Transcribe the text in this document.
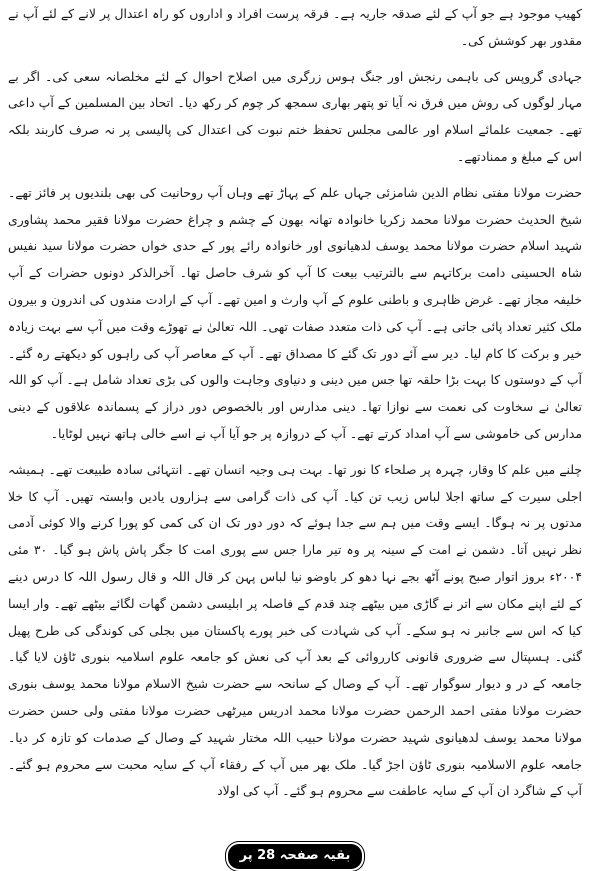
کھیپ موجود ہے جو آپ کے لئے صدقہ جاریہ ہے۔ فرقہ پرست افراد و اداروں کو راہ اعتدال پر لانے کے لئے آپ نے مقدور بھر کوشش کی۔

جہادی گروپس کی باہمی رنجش اور جنگ ہوس زرگری میں اصلاح احوال کے لئے مخلصانہ سعی کی۔ اگر بے مہار لوگوں کی روش میں فرق نہ آیا تو پتھر بھاری سمجھ کر چوم کر رکھ دیا۔ اتحاد بین المسلمین کے آپ داعی تھے۔ جمعیت علمائے اسلام اور عالمی مجلس تحفظ ختم نبوت کی اعتدال کی پالیسی پر نہ صرف کاربند بلکہ اس کے مبلغ و ممنادتھے۔

حضرت مولانا مفتی نظام الدین شامزئی جہاں علم کے پہاڑ تھے وہاں آپ روحانیت کی بھی بلندیوں پر فائز تھے۔ شیخ الحدیث حضرت مولانا محمد زکریا خانوادہ تھانہ بھون کے چشم و چراغ حضرت مولانا فقیر محمد پشاوری شہید اسلام حضرت مولانا محمد یوسف لدھیانوی اور خانوادہ رائے پور کے حدی خواں حضرت مولانا سید نفیس شاہ الحسینی دامت برکاتہم سے بالترتیب بیعت کا آپ کو شرف حاصل تھا۔ آخرالذکر دونوں حضرات کے آپ خلیفہ مجاز تھے۔ غرض ظاہری و باطنی علوم کے آپ وارث و امین تھے۔ آپ کے ارادت مندوں کی اندرون و بیرون ملک کثیر تعداد پائی جاتی ہے۔ آپ کی ذات متعدد صفات تھی۔ اللہ تعالیٰ نے تھوڑے وقت میں آپ سے بہت زیادہ خیر و برکت کا کام لیا۔ دیر سے آئے دور تک گئے کا مصداق تھے۔ آپ کے معاصر آپ کی راہوں کو دیکھتے رہ گئے۔ آپ کے دوستوں کا بہت بڑا حلقہ تھا جس میں دینی و دنیاوی وجاہت والوں کی بڑی تعداد شامل ہے۔ آپ کو اللہ تعالیٰ نے سخاوت کی نعمت سے نوازا تھا۔ دینی مدارس اور بالخصوص دور دراز کے پسماندہ علاقوں کے دینی مدارس کی خاموشی سے آپ امداد کرتے تھے۔ آپ کے دروازہ پر جو آیا آپ نے اسے خالی ہاتھ نہیں لوٹایا۔

چلنے میں علم کا وقار، چہرہ پر صلحاء کا نور تھا۔ بہت ہی وجیہ انسان تھے۔ انتہائی سادہ طبیعت تھے۔ ہمیشہ اجلی سیرت کے ساتھ اجلا لباس زیب تن کیا۔ آپ کی ذات گرامی سے ہزاروں یادیں وابستہ تھیں۔ آپ کا خلا مدتوں پر نہ ہوگا۔ ایسے وقت میں ہم سے جدا ہوئے کہ دور دور تک ان کی کمی کو پورا کرنے والا کوئی آدمی نظر نہیں آتا۔ دشمن نے امت کے سینہ پر وہ تیر مارا جس سے پوری امت کا جگر پاش پاش ہو گیا۔ ۳۰ مئی ۲۰۰۴ء بروز اتوار صبح پونے آٹھ بجے نہا دھو کر باوضو نیا لباس پہن کر قال اللہ و قال رسول اللہ کا درس دینے کے لئے اپنے مکان سے اتر نے گاڑی میں بیٹھے چند قدم کے فاصلہ پر ابلیسی دشمن گھات لگائے بیٹھے تھے۔ وار ایسا کیا کہ اس سے جانبر نہ ہو سکے۔ آپ کی شہادت کی خبر پورے پاکستان میں بجلی کی کوندگی کی طرح پھیل گئی۔ ہسپتال سے ضروری قانونی کارروائی کے بعد آپ کی نعش کو جامعہ علوم اسلامیہ بنوری ٹاؤن لایا گیا۔ جامعہ کے در و دیوار سوگوار تھے۔ آپ کے وصال کے سانحہ سے حضرت شیخ الاسلام مولانا محمد یوسف بنوری حضرت مولانا مفتی احمد الرحمن حضرت مولانا محمد ادریس میرٹھی حضرت مولانا مفتی ولی حسن حضرت مولانا محمد یوسف لدھیانوی شہید حضرت مولانا حبیب اللہ مختار شہید کے وصال کے صدمات کو تازہ کر دیا۔ جامعہ علوم الاسلامیہ بنوری ٹاؤن اجڑ گیا۔ ملک بھر میں آپ کے رفقاء آپ کے سایہ محبت سے محروم ہو گئے۔ آپ کے شاگرد ان آپ کے سایہ عاطفت سے محروم ہو گئے۔ آپ کی اولاد

بقیہ صفحہ 28 پر
